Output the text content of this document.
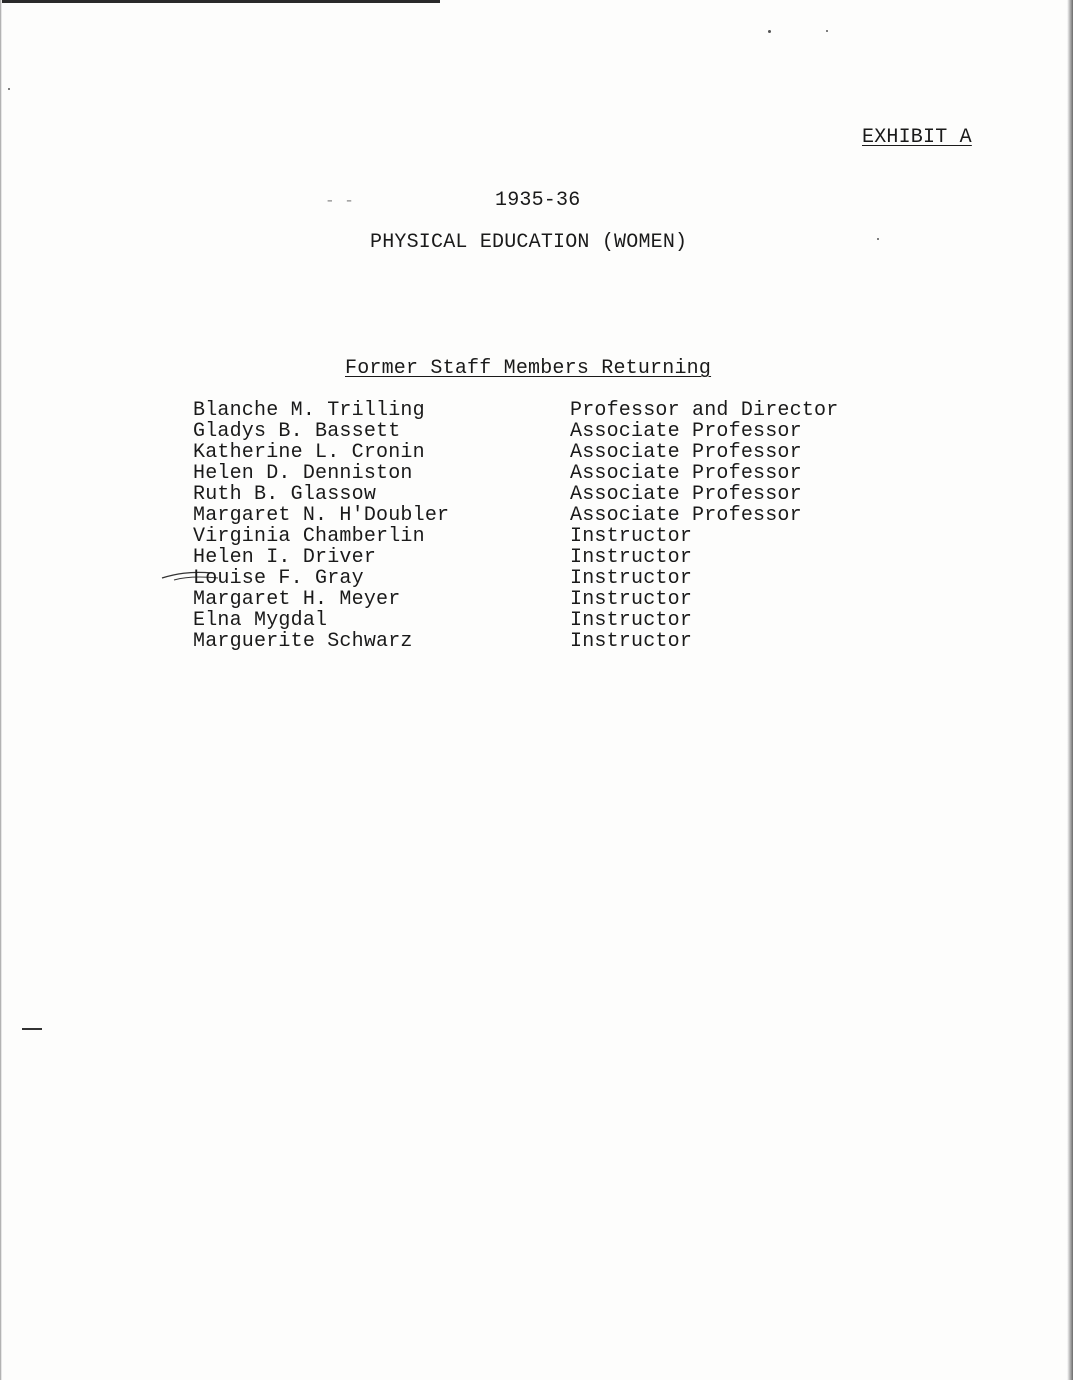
EXHIBIT A
- -	1935-36
PHYSICAL EDUCATION (WOMEN)
Former Staff Members Returning
Blanche M. Trilling	Professor and Director
Gladys B. Bassett	Associate Professor
Katherine L. Cronin	Associate Professor
Helen D. Denniston	Associate Professor
Ruth B. Glassow	Associate Professor
Margaret N. H'Doubler	Associate Professor
Virginia Chamberlin	Instructor
Helen I. Driver	Instructor
Louise F. Gray	Instructor
Margaret H. Meyer	Instructor
Elna Mygdal	Instructor
Marguerite Schwarz	Instructor
